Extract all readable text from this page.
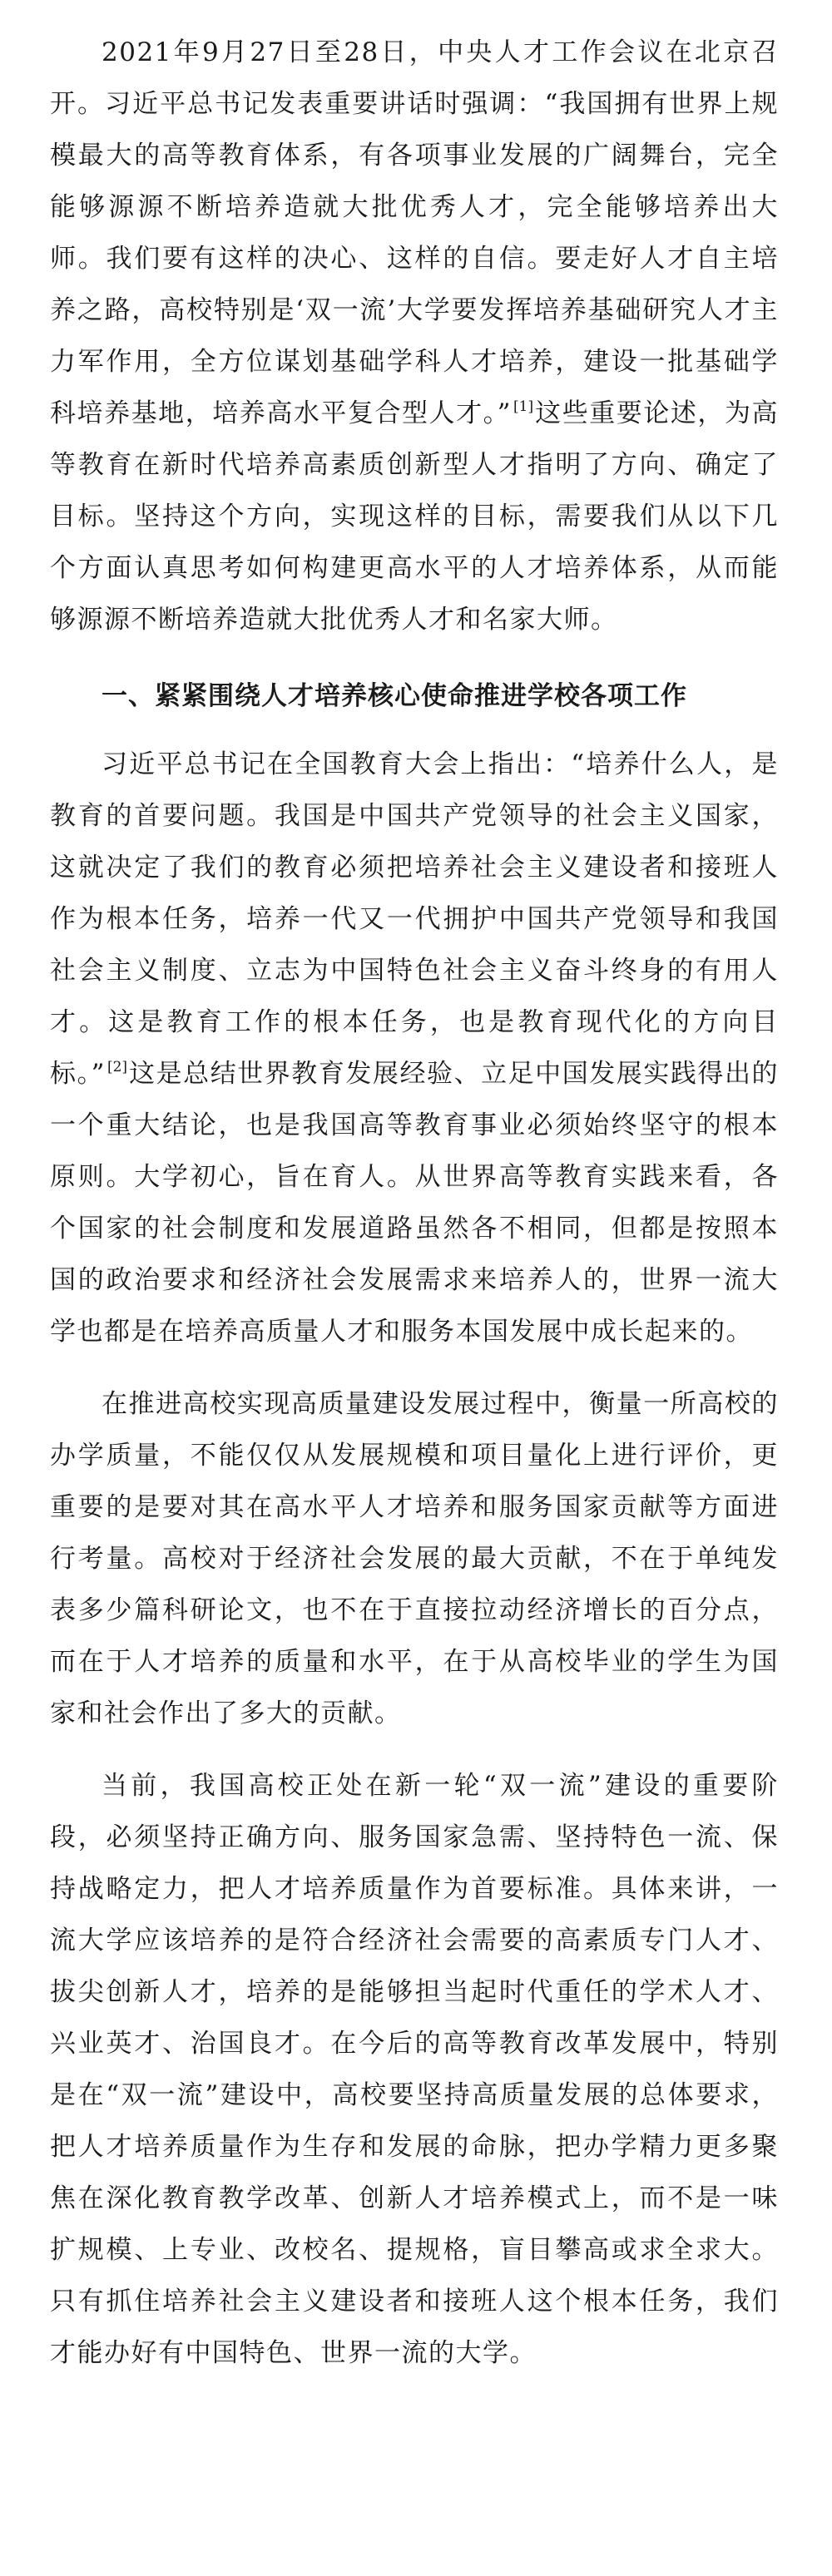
2021年9月27日至28日，中央人才工作会议在北京召开。习近平总书记发表重要讲话时强调：“我国拥有世界上规模最大的高等教育体系，有各项事业发展的广阔舞台，完全能够源源不断培养造就大批优秀人才，完全能够培养出大师。我们要有这样的决心、这样的自信。要走好人才自主培养之路，高校特别是‘双一流’大学要发挥培养基础研究人才主力军作用，全方位谋划基础学科人才培养，建设一批基础学科培养基地，培养高水平复合型人才。” [1]这些重要论述，为高等教育在新时代培养高素质创新型人才指明了方向、确定了目标。坚持这个方向，实现这样的目标，需要我们从以下几个方面认真思考如何构建更高水平的人才培养体系，从而能够源源不断培养造就大批优秀人才和名家大师。

一、紧紧围绕人才培养核心使命推进学校各项工作

习近平总书记在全国教育大会上指出：“培养什么人，是教育的首要问题。我国是中国共产党领导的社会主义国家，这就决定了我们的教育必须把培养社会主义建设者和接班人作为根本任务，培养一代又一代拥护中国共产党领导和我国社会主义制度、立志为中国特色社会主义奋斗终身的有用人才。这是教育工作的根本任务，也是教育现代化的方向目标。” [2]这是总结世界教育发展经验、立足中国发展实践得出的一个重大结论，也是我国高等教育事业必须始终坚守的根本原则。大学初心，旨在育人。从世界高等教育实践来看，各个国家的社会制度和发展道路虽然各不相同，但都是按照本国的政治要求和经济社会发展需求来培养人的，世界一流大学也都是在培养高质量人才和服务本国发展中成长起来的。

在推进高校实现高质量建设发展过程中，衡量一所高校的办学质量，不能仅仅从发展规模和项目量化上进行评价，更重要的是要对其在高水平人才培养和服务国家贡献等方面进行考量。高校对于经济社会发展的最大贡献，不在于单纯发表多少篇科研论文，也不在于直接拉动经济增长的百分点，而在于人才培养的质量和水平，在于从高校毕业的学生为国家和社会作出了多大的贡献。

当前，我国高校正处在新一轮“双一流”建设的重要阶段，必须坚持正确方向、服务国家急需、坚持特色一流、保持战略定力，把人才培养质量作为首要标准。具体来讲，一流大学应该培养的是符合经济社会需要的高素质专门人才、拔尖创新人才，培养的是能够担当起时代重任的学术人才、兴业英才、治国良才。在今后的高等教育改革发展中，特别是在“双一流”建设中，高校要坚持高质量发展的总体要求，把人才培养质量作为生存和发展的命脉，把办学精力更多聚焦在深化教育教学改革、创新人才培养模式上，而不是一味扩规模、上专业、改校名、提规格，盲目攀高或求全求大。只有抓住培养社会主义建设者和接班人这个根本任务，我们才能办好有中国特色、世界一流的大学。
